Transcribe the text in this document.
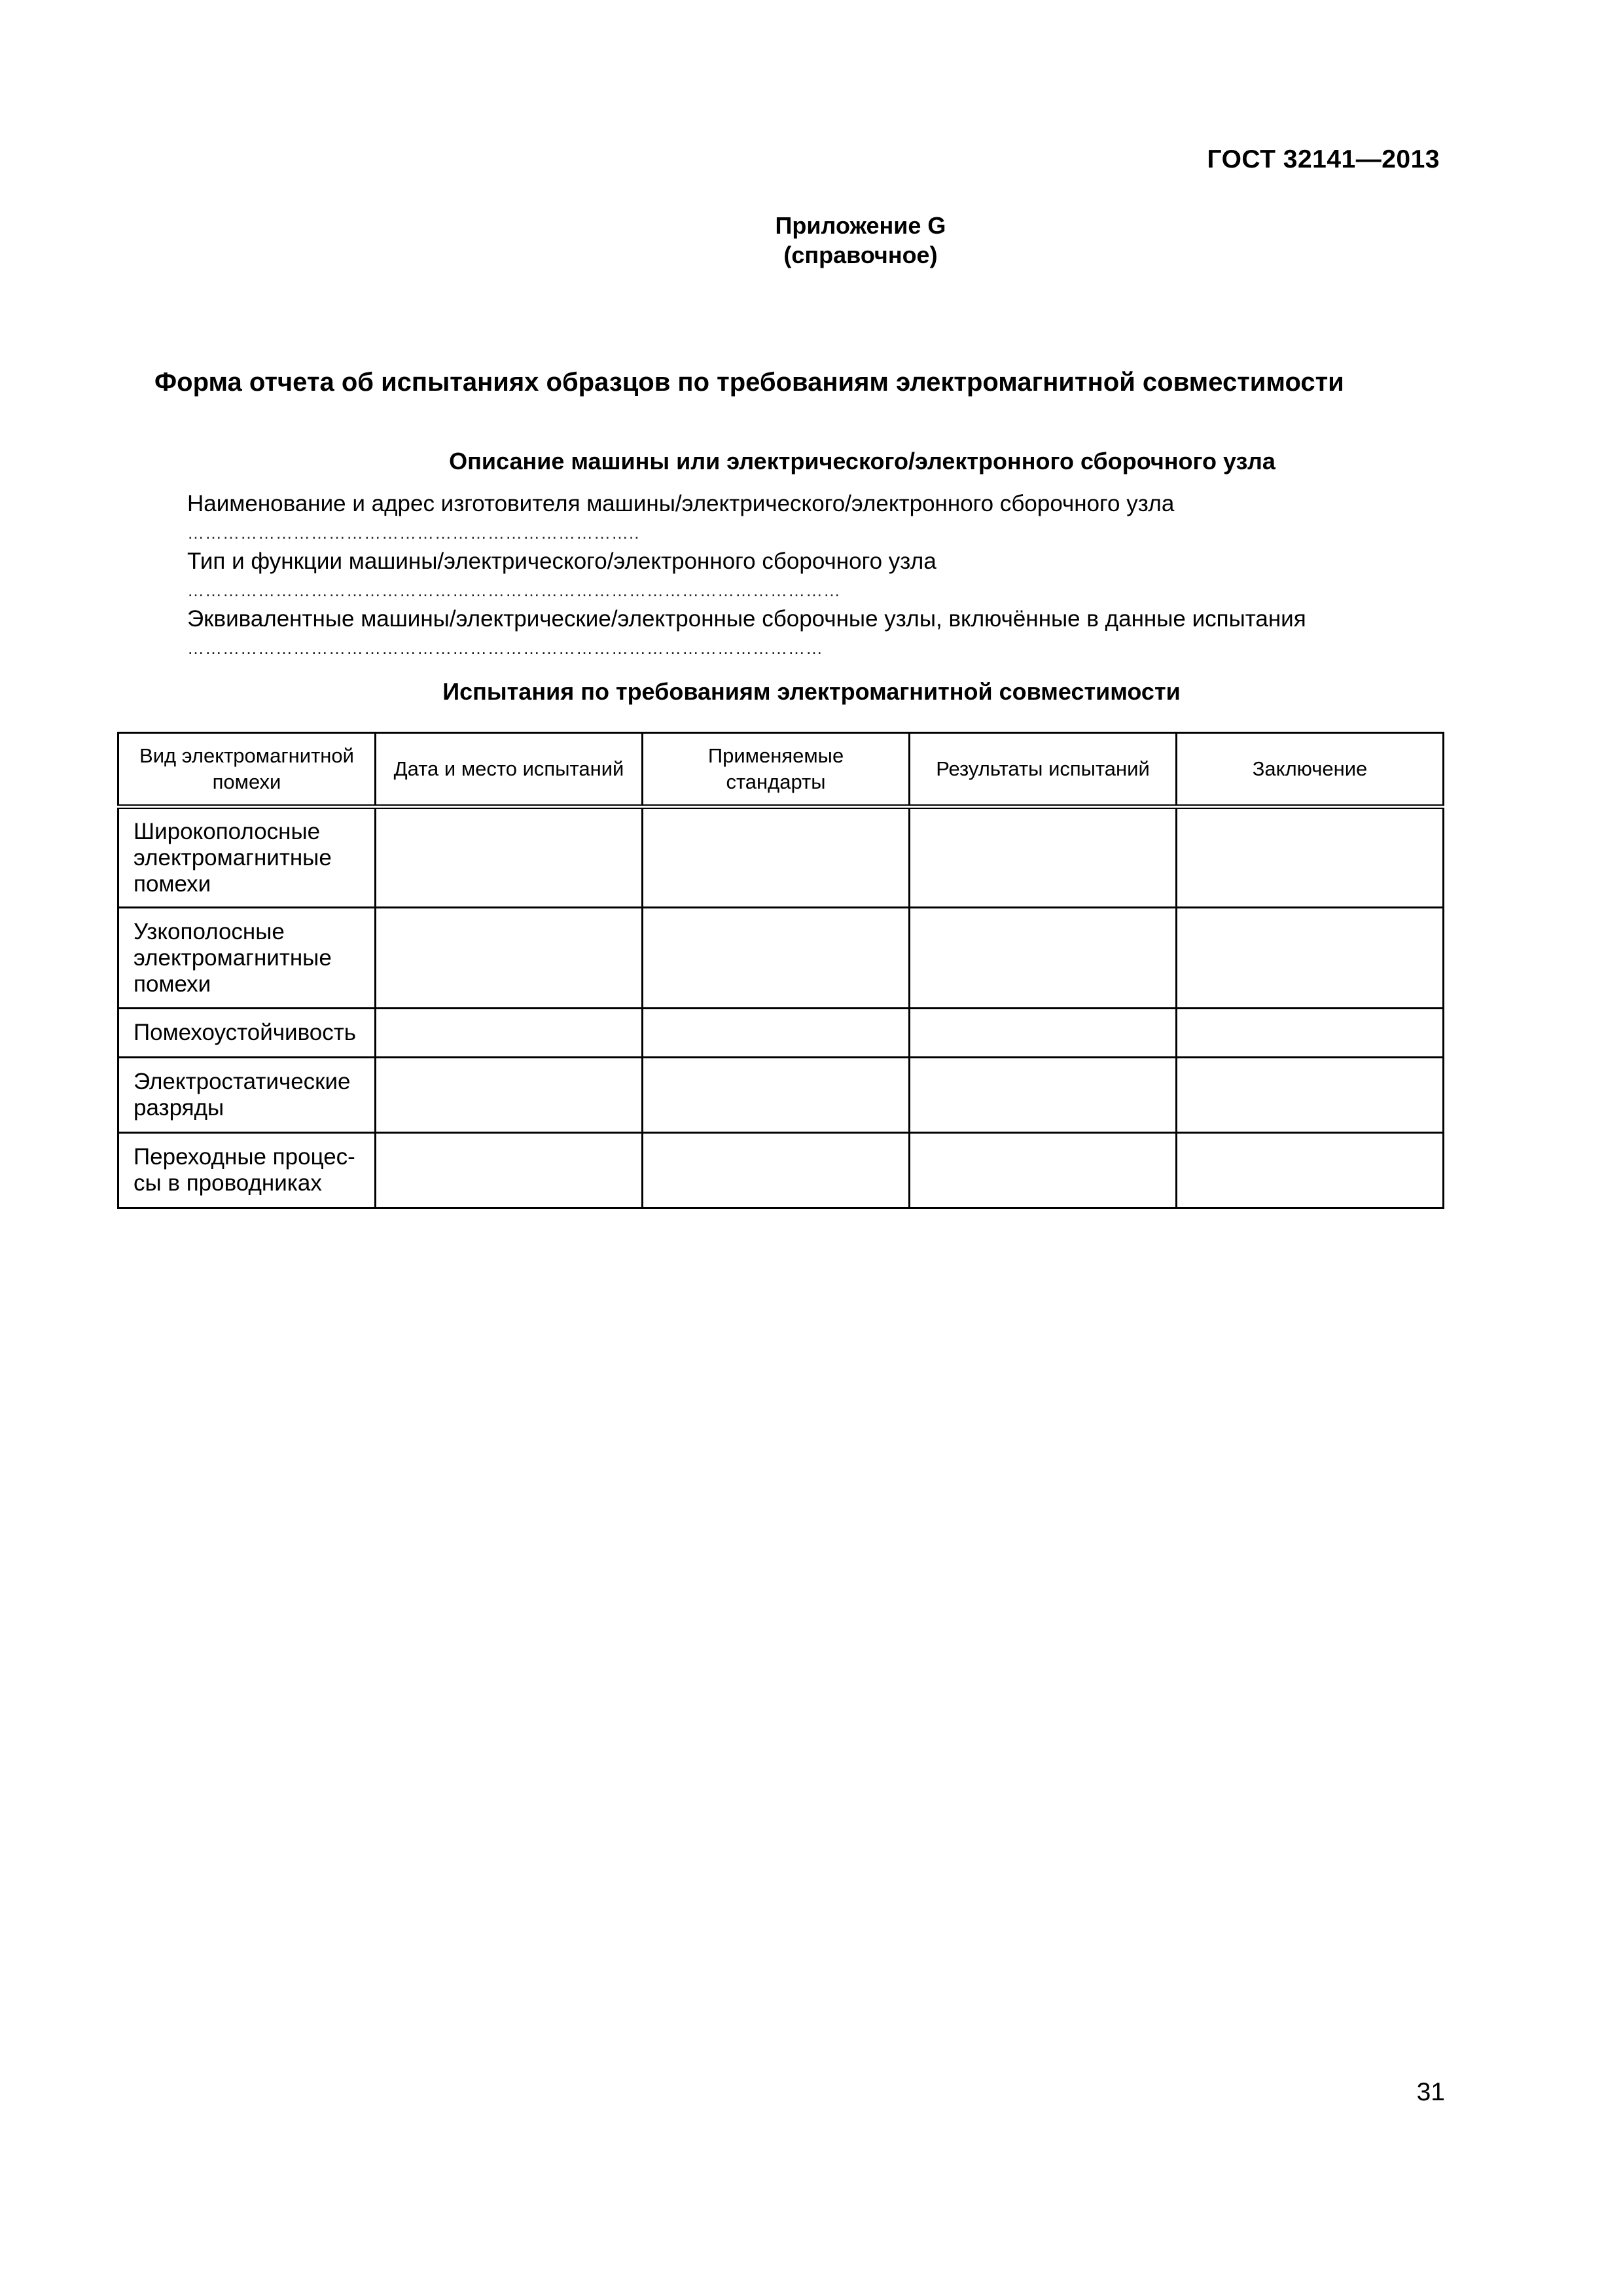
ГОСТ 32141—2013
Приложение G
(справочное)
Форма отчета об испытаниях образцов по требованиям электромагнитной совместимости
Описание машины или электрического/электронного сборочного узла
Наименование и адрес изготовителя машины/электрического/электронного сборочного узла
…………………………………………………………………..
Тип и функции машины/электрического/электронного сборочного узла
…………………………………………………………………………………………………
Эквивалентные машины/электрические/электронные сборочные узлы, включённые в данные испытания
………………………………………………………………………………………………
Испытания по требованиям электромагнитной совместимости
Вид электромагнитной помехи	Дата и место испытаний	Применяемые стандарты	Результаты испытаний	Заключение
Широкополосные электромагнитные помехи				
Узкополосные электромагнитные помехи				
Помехоустойчивость				
Электростатические разряды				
Переходные процес-сы в проводниках				
31
